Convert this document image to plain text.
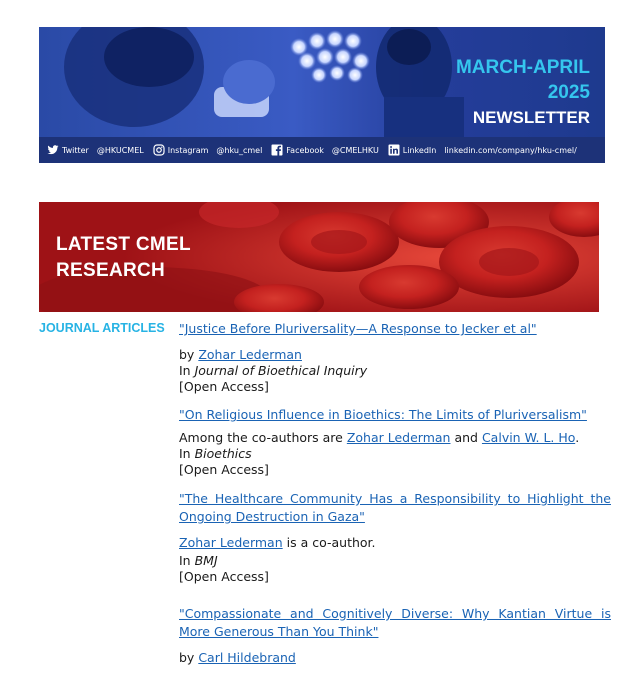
MARCH-APRIL
2025
NEWSLETTER
Twitter @HKUCMEL	Instagram @hku_cmel	Facebook @CMELHKU	LinkedIn linkedin.com/company/hku-cmel/
LATEST CMEL
RESEARCH
JOURNAL ARTICLES "Justice Before Pluriversality—A Response to Jecker et al"
by Zohar Lederman
In Journal of Bioethical Inquiry
[Open Access]
"On Religious Influence in Bioethics: The Limits of Pluriversalism"
Among the co-authors are Zohar Lederman and Calvin W. L. Ho.
In Bioethics
[Open Access]
"The Healthcare Community Has a Responsibility to Highlight the Ongoing Destruction in Gaza"
Zohar Lederman is a co-author.
In BMJ
[Open Access]
"Compassionate and Cognitively Diverse: Why Kantian Virtue is More Generous Than You Think"
by Carl Hildebrand
